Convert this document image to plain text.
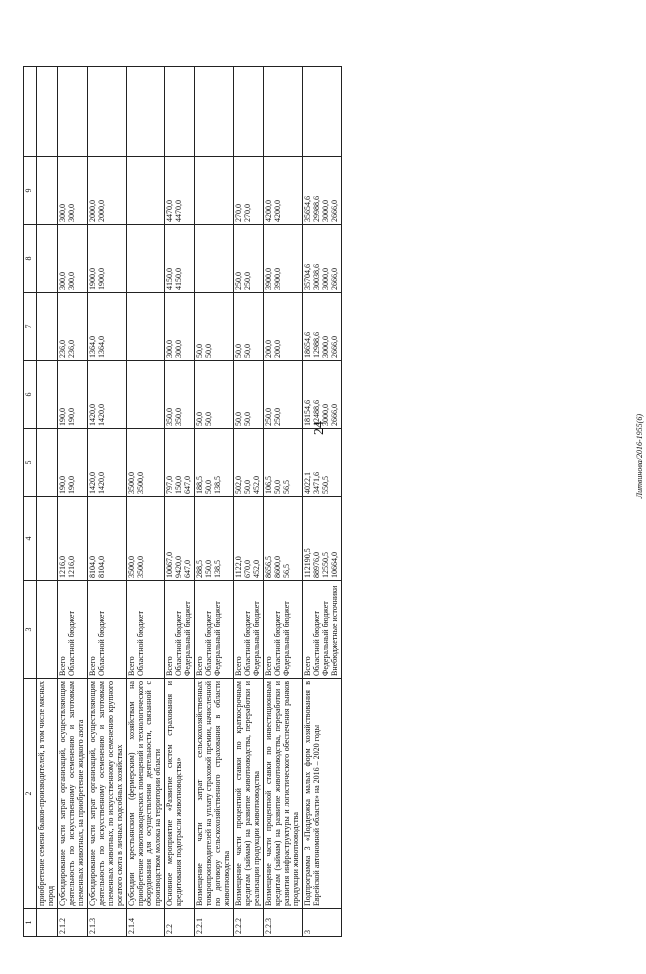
24	Литвинова/2016-1955(6)
1	2	3	4	5	6	7	8	9	
	приобретение семени быков-производителей, в том числе мясных пород								
2.1.2	Субсидирование части затрат организаций, осуществляющим деятельность по искусственному осеменению и заготовкам племенных животных, на приобретение жидкого азота	Всего Областной бюджет	1216,0 1216,0	190,0 190,0	190,0 190,0	236,0 236,0	300,0 300,0	300,0 300,0	

2.1.3	Субсидирование части затрат организаций, осуществляющим деятельность по искусственному осеменению и заготовкам племенных животных, по искусственному осеменению крупного рогатого скота в личных подсобных хозяйствах	Всего Областной бюджет	8104,0 8104,0	1420,0 1420,0	1420,0 1420,0	1364,0 1364,0	1900,0 1900,0	2000,0 2000,0	

2.1.4	Субсидии крестьянским (фермерским) хозяйствам на приобретение животноводческих помещений и технологического оборудования для осуществления деятельности, связанной с производством молока на территории области	Всего Областной бюджет	3500,0 3500,0	3500,0 3500,0					

2.2	Основное мероприятие «Развитие систем страхования и кредитования подотрасли животноводства»	Всего Областной бюджет Федеральный бюджет	10067,0 9420,0 647,0	797,0 150,0 647,0	350,0 350,0	300,0 300,0	4150,0 4150,0	4470,0 4470,0	

2.2.1	Возмещение части затрат сельскохозяйственных товаропроизводителей на уплату страховой премии, начисленной по договору сельскохозяйственного страхования в области животноводства	Всего Областной бюджет Федеральный бюджет	288,5 150,0 138,5	188,5 50,0 138,5	50,0 50,0	50,0 50,0			

2.2.2	Возмещение части процентной ставки по краткосрочным кредитам (займам) на развитие животноводства, переработки и реализации продукции животноводства	Всего Областной бюджет Федеральный бюджет	1122,0 670,0 452,0	502,0 50,0 452,0	50,0 50,0	50,0 50,0	250,0 250,0	270,0 270,0	

2.2.3	Возмещение части процентной ставки по инвестиционным кредитам (займам) на развитие животноводства, переработки и развития инфраструктуры и логистического обеспечения рынков продукции животноводства	Всего Областной бюджет Федеральный бюджет	8656,5 8600,0 56,5	106,5 50,0 56,5	250,0 250,0	200,0 200,0	3900,0 3900,0	4200,0 4200,0	

3	Подпрограмма 3 «Поддержка малых форм хозяйствования в Еврейской автономной области» на 2016 – 2020 годы	Всего Областной бюджет Федеральный бюджет Внебюджетные источники	112190,5 88976,0 12550,5 10664,0	4022,1 3471,6 550,5	18154,6 12488,6 3000,0 2666,0	18654,6 12988,6 3000,0 2666,0	35704,6 30038,6 3000,0 2666,0	35654,6 29988,6 3000,0 2666,0	
